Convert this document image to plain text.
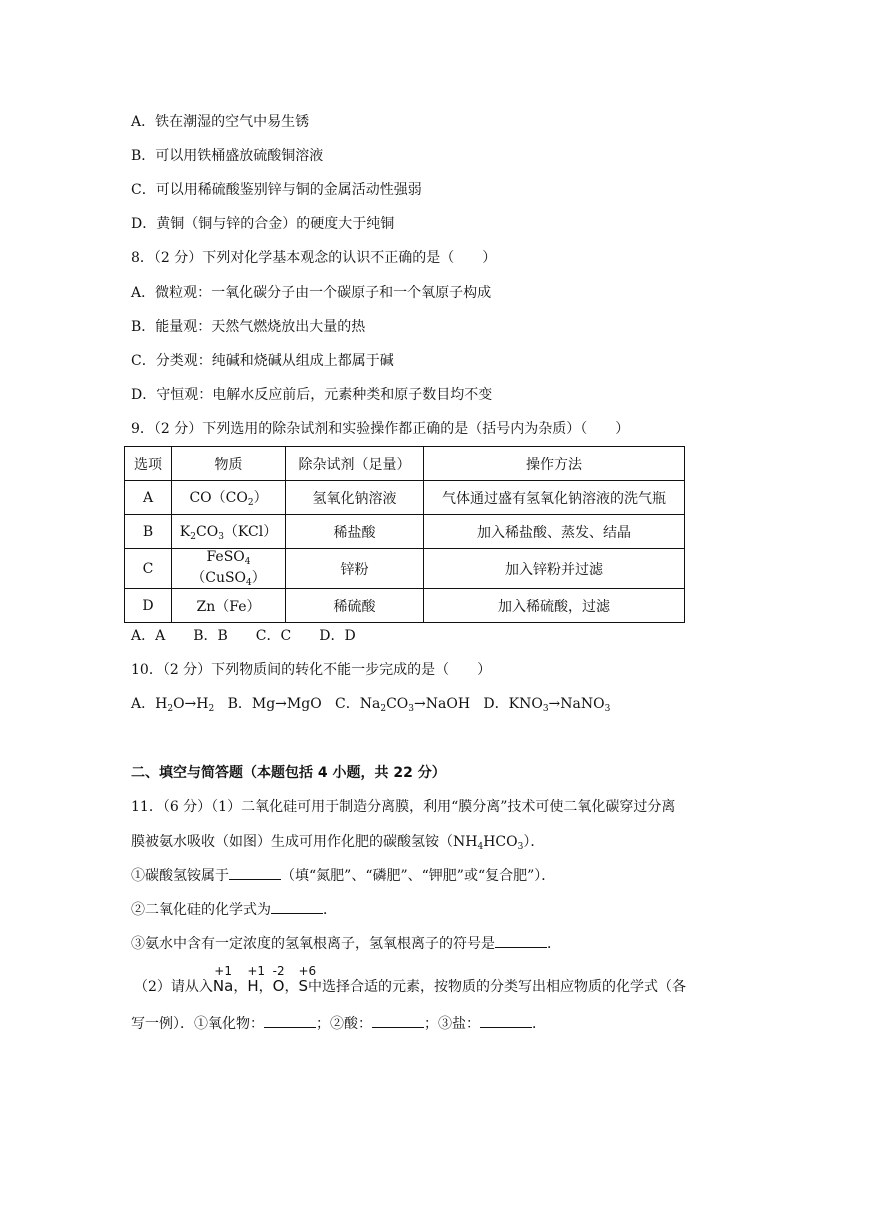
A．铁在潮湿的空气中易生锈
B．可以用铁桶盛放硫酸铜溶液
C．可以用稀硫酸鉴别锌与铜的金属活动性强弱
D．黄铜（铜与锌的合金）的硬度大于纯铜
8．（2 分）下列对化学基本观念的认识不正确的是（　　）
A．微粒观：一氧化碳分子由一个碳原子和一个氧原子构成
B．能量观：天然气燃烧放出大量的热
C．分类观：纯碱和烧碱从组成上都属于碱
D．守恒观：电解水反应前后，元素种类和原子数目均不变
9．（2 分）下列选用的除杂试剂和实验操作都正确的是（括号内为杂质）（　　）
选项	物质	除杂试剂（足量）	操作方法
A	$CO(CO_2)$	氢氧化钠溶液	气体通过盛有氢氧化钠溶液的洗气瓶
B	$K_2CO_3(KCl)$	稀盐酸	加入稀盐酸、蒸发、结晶
C	FeSO$_4$（CuSO$_4$）	锌粉	加入锌粉并过滤
D	Zn（Fe）	稀硫酸	加入稀硫酸，过滤
A．A　　B．B　　C．C　　D．D
10．（2 分）下列物质间的转化不能一步完成的是（　　）
A．$H_2O\to H_2$ B．Mg→MgO C．$Na_2CO_3\to NaOH$ D．$KNO_3\to NaNO_3$
二、填空与简答题（本题包括 4 小题，共 22 分）
11．（6 分）（1）二氧化硅可用于制造分离膜，利用“膜分离”技术可使二氧化碳穿过分离
膜被氨水吸收（如图）生成可用作化肥的碳酸氢铵$(NH_4HCO_3)$．
①碳酸氢铵属于	（填“氮肥”、“磷肥”、“钾肥”或“复合肥”）．
②二氧化硅的化学式为	．
③氨水中含有一定浓度的氢氧根离子，氢氧根离子的符号是	．
（2）请从入
+1
Na，
+1
H，
-2
O，
+6
S中选择合适的元素，按物质的分类写出相应物质的化学式（各
写一例）．①氧化物：	；②酸：	；③盐：	．
